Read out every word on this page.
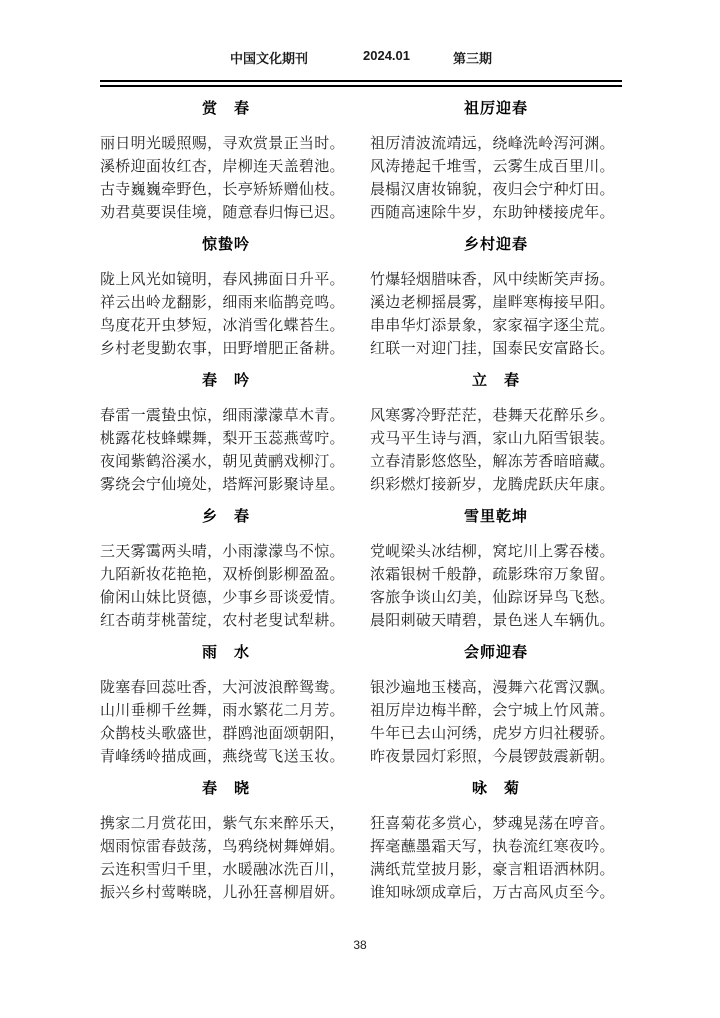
中国文化期刊	2024.01	第三期
赏　春

丽日明光暖照赐，寻欢赏景正当时。

溪桥迎面妆红杏，岸柳连天盖碧池。

古寺巍巍牵野色，长亭矫矫赠仙枝。

劝君莫要误佳境，随意春归悔已迟。

惊蛰吟

陇上风光如镜明，春风拂面日升平。

祥云出岭龙翻影，细雨来临鹊竞鸣。

鸟度花开虫梦短，冰消雪化蝶苔生。

乡村老叟勤农事，田野增肥正备耕。

春　吟

春雷一震蛰虫惊，细雨濛濛草木青。

桃露花枝蜂蝶舞，梨开玉蕊燕莺咛。

夜闻紫鹤浴溪水，朝见黄鹂戏柳汀。

雾绕会宁仙境处，塔辉河影聚诗星。

乡　春

三天雾霭两头晴，小雨濛濛鸟不惊。

九陌新妆花艳艳，双桥倒影柳盈盈。

偷闲山妹比贤德，少事乡哥谈爱情。

红杏萌芽桃蕾绽，农村老叟试犁耕。

雨　水

陇塞春回蕊吐香，大河波浪醉鸳鸯。

山川垂柳千丝舞，雨水繁花二月芳。

众鹊枝头歌盛世，群鸥池面颂朝阳，

青峰绣岭描成画，燕绕莺飞送玉妆。

春　晓

携家二月赏花田，紫气东来醉乐天，

烟雨惊雷春鼓荡，鸟鸦绕树舞婵娟。

云连积雪归千里，水暖融冰洗百川，

振兴乡村莺啭晓，儿孙狂喜柳眉妍。

祖厉迎春

祖厉清波流靖远，绕峰洗岭泻河渊。

风涛捲起千堆雪，云雾生成百里川。

晨榻汉唐妆锦貌，夜归会宁种灯田。

西随高速除牛岁，东助钟楼接虎年。

乡村迎春

竹爆轻烟腊味香，风中续断笑声扬。

溪边老柳摇晨雾，崖畔寒梅接早阳。

串串华灯添景象，家家福字逐尘荒。

红联一对迎门挂，国泰民安富路长。

立　春

风寒雾冷野茫茫，巷舞天花醉乐乡。

戎马平生诗与酒，家山九陌雪银装。

立春清影悠悠坠，解冻芳香暗暗藏。

织彩燃灯接新岁，龙腾虎跃庆年康。

雪里乾坤

党岘梁头冰结柳，窝坨川上雾吞楼。

浓霜银树千般静，疏影珠帘万象留。

客旅争谈山幻美，仙踪讶异鸟飞愁。

晨阳刺破天晴碧，景色迷人车辆仇。

会师迎春

银沙遍地玉楼高，漫舞六花霄汉飘。

祖厉岸边梅半醉，会宁城上竹风萧。

牛年已去山河绣，虎岁方归社稷骄。

昨夜景园灯彩照，今晨锣鼓震新朝。

咏　菊

狂喜菊花多赏心，梦魂晃荡在哼音。

挥毫蘸墨霜天写，执卷流红寒夜吟。

满纸荒堂披月影，豪言粗语洒林阴。

谁知咏颂成章后，万古高风贞至今。

38
